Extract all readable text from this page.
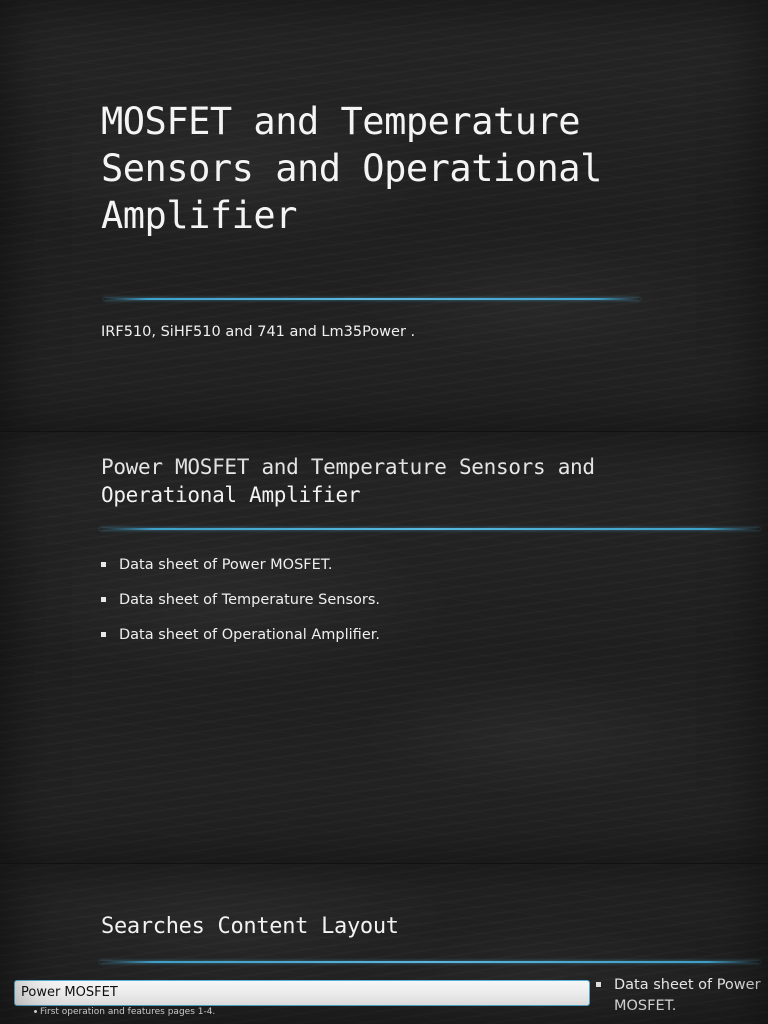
MOSFET and Temperature Sensors and Operational Amplifier
IRF510, SiHF510 and 741 and Lm35Power .
Power MOSFET and Temperature Sensors and Operational Amplifier
Data sheet of Power MOSFET.
Data sheet of Temperature Sensors.
Data sheet of Operational Amplifier.
Searches Content Layout
Power MOSFET
First operation and features pages 1-4.
Data sheet of Power MOSFET.
